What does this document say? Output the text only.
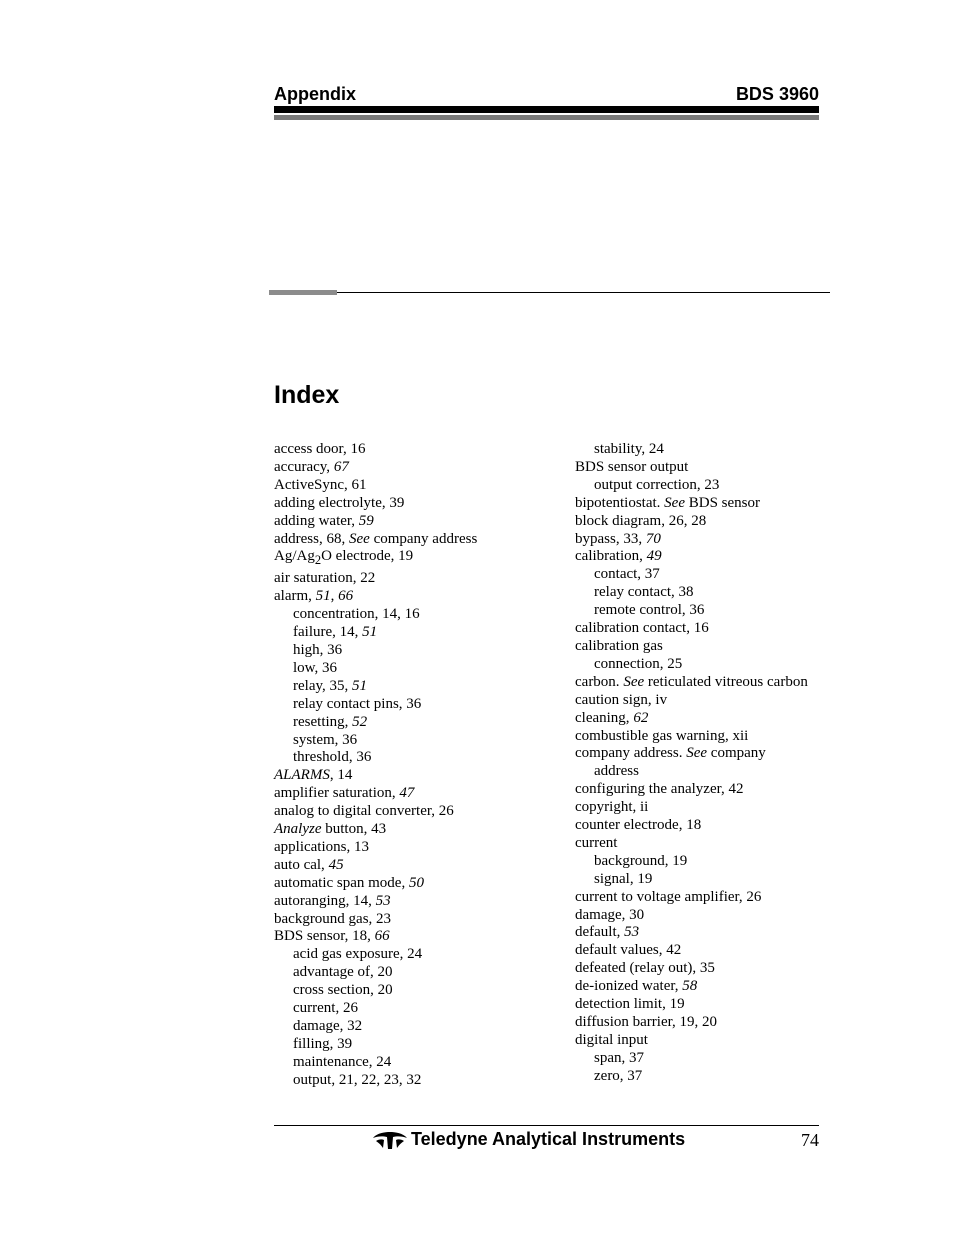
Appendix	BDS 3960
Index
access door, 16
accuracy, 67
ActiveSync, 61
adding electrolyte, 39
adding water, 59
address, 68, See company address
$Ag/Ag_2O$ electrode, 19
air saturation, 22
alarm, 51, 66
concentration, 14, 16
failure, 14, 51
high, 36
low, 36
relay, 35, 51
relay contact pins, 36
resetting, 52
system, 36
threshold, 36
ALARMS, 14
amplifier saturation, 47
analog to digital converter, 26
Analyze button, 43
applications, 13
auto cal, 45
automatic span mode, 50
autoranging, 14, 53
background gas, 23
BDS sensor, 18, 66
acid gas exposure, 24
advantage of, 20
cross section, 20
current, 26
damage, 32
filling, 39
maintenance, 24
output, 21, 22, 23, 32
stability, 24
BDS sensor output
output correction, 23
bipotentiostat. See BDS sensor
block diagram, 26, 28
bypass, 33, 70
calibration, 49
contact, 37
relay contact, 38
remote control, 36
calibration contact, 16
calibration gas
connection, 25
carbon. See reticulated vitreous carbon
caution sign, iv
cleaning, 62
combustible gas warning, xii
company address. See company
address
configuring the analyzer, 42
copyright, ii
counter electrode, 18
current
background, 19
signal, 19
current to voltage amplifier, 26
damage, 30
default, 53
default values, 42
defeated (relay out), 35
de-ionized water, 58
detection limit, 19
diffusion barrier, 19, 20
digital input
span, 37
zero, 37
Teledyne Analytical Instruments	74
